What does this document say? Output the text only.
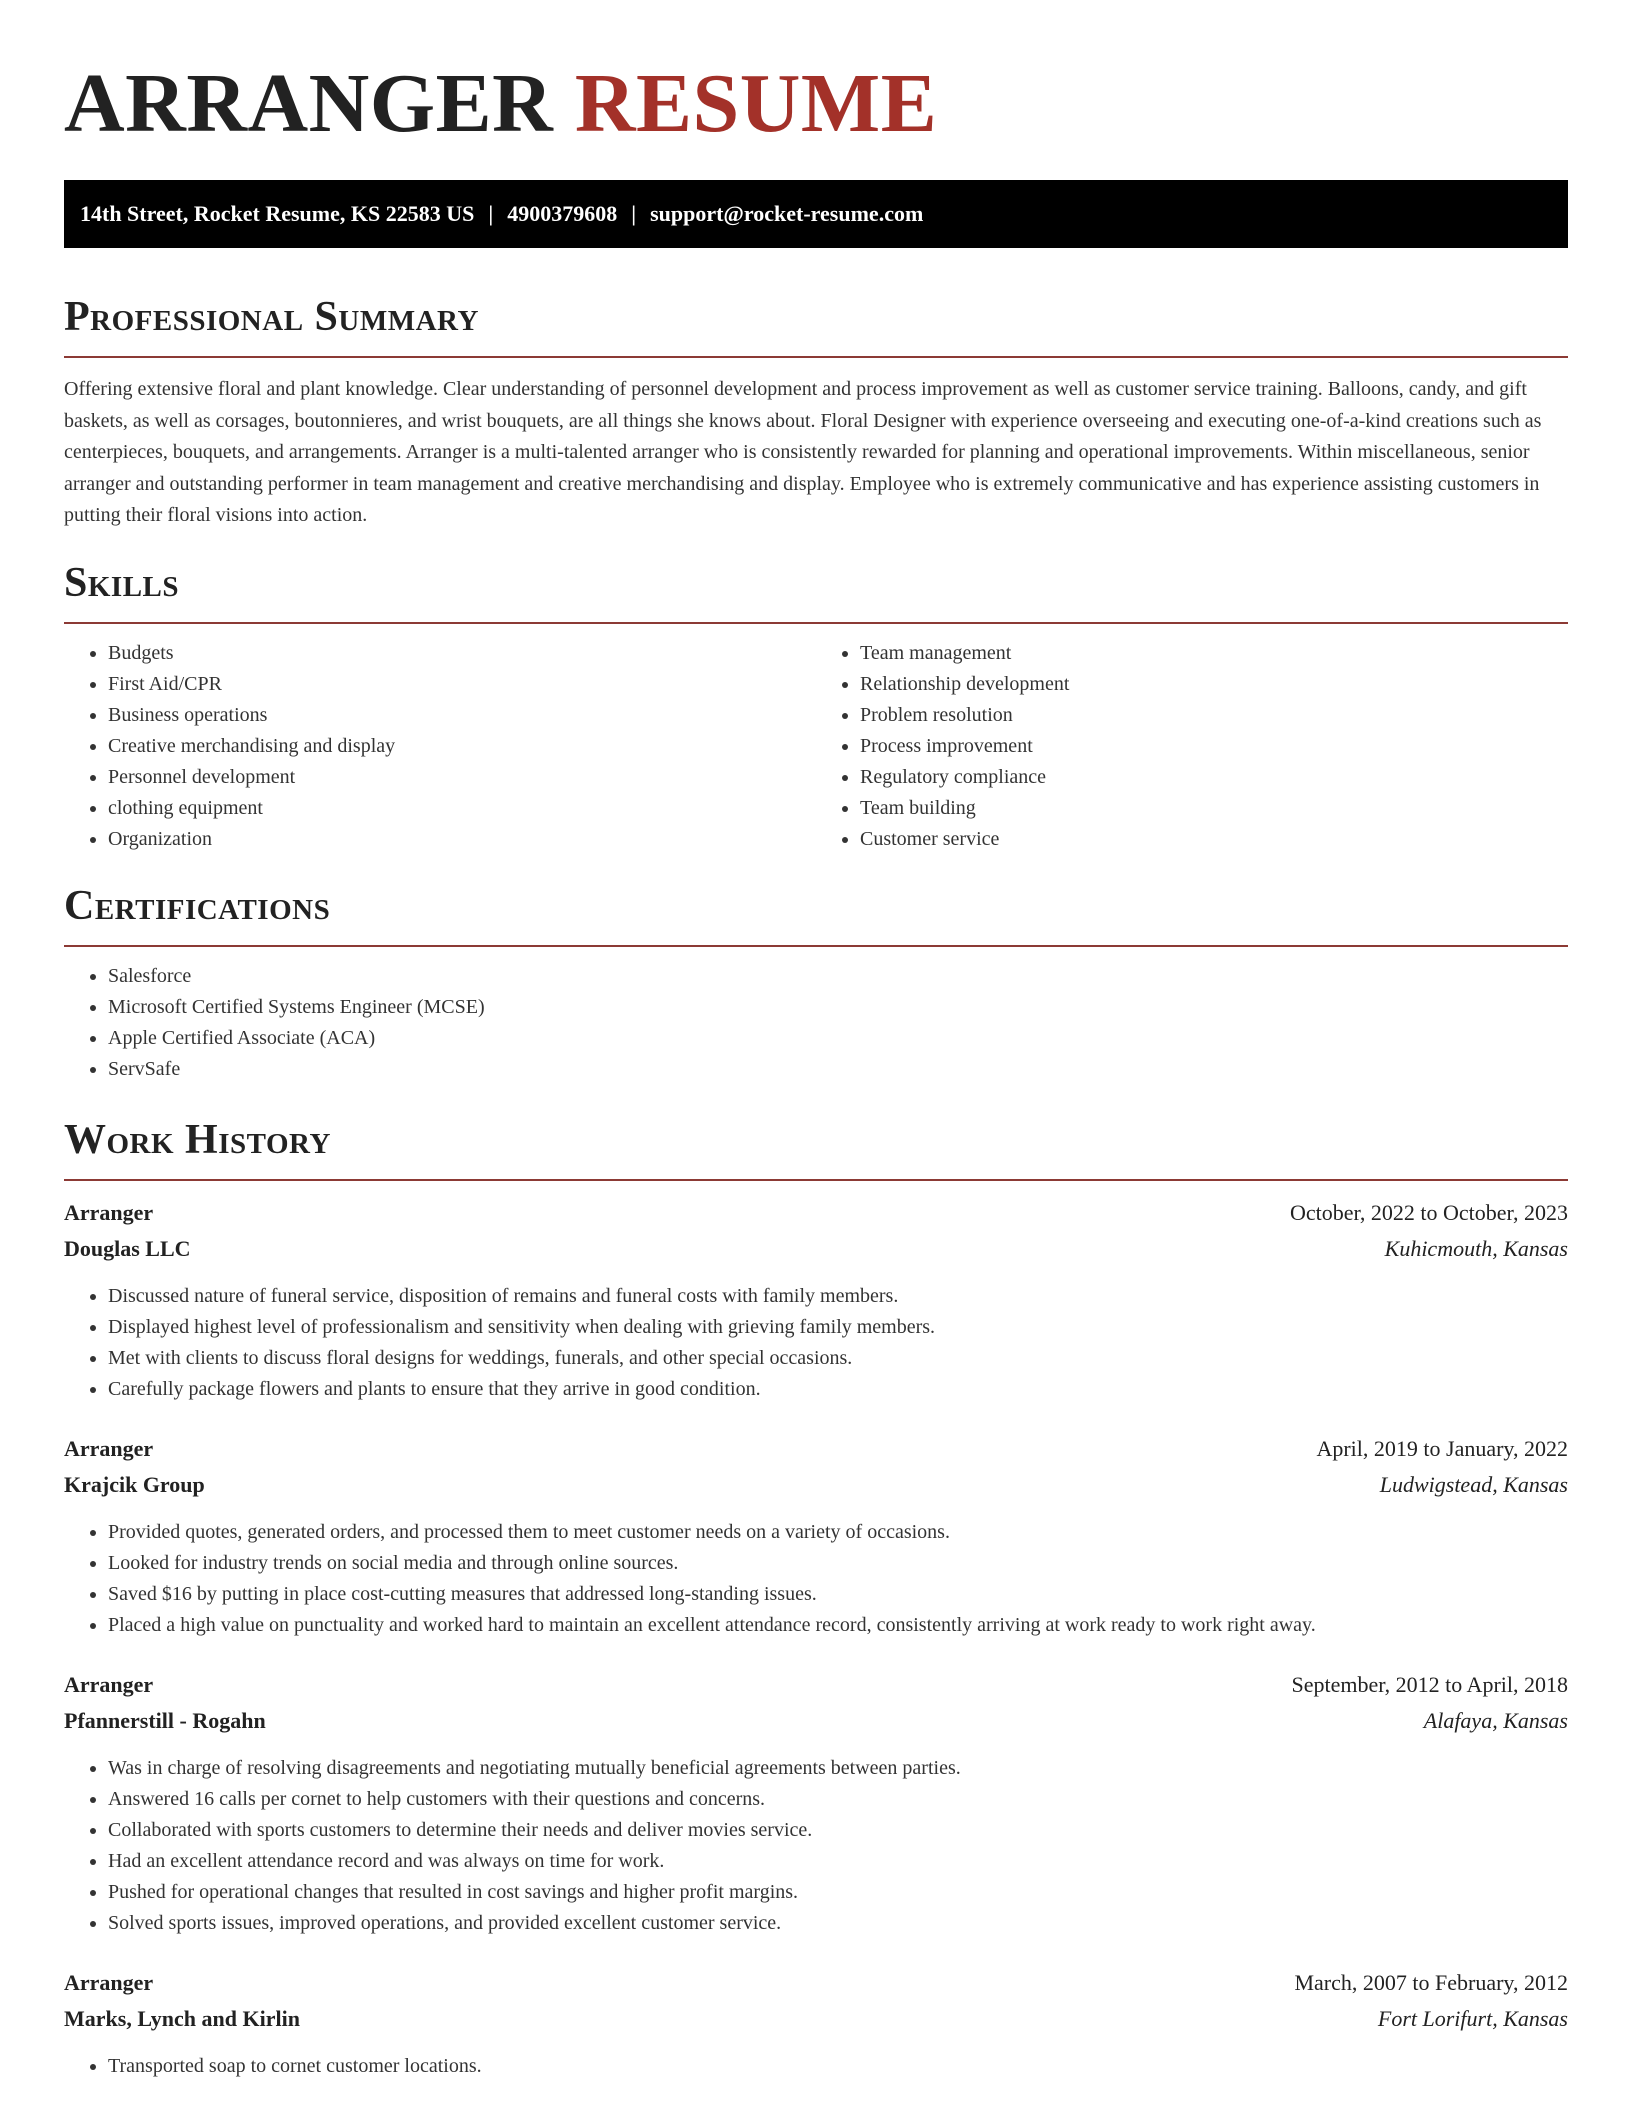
ARRANGER RESUME
14th Street, Rocket Resume, KS 22583 US | 4900379608 | support@rocket-resume.com
Professional Summary

Offering extensive floral and plant knowledge. Clear understanding of personnel development and process improvement as well as customer service training. Balloons, candy, and gift baskets, as well as corsages, boutonnieres, and wrist bouquets, are all things she knows about. Floral Designer with experience overseeing and executing one-of-a-kind creations such as centerpieces, bouquets, and arrangements. Arranger is a multi-talented arranger who is consistently rewarded for planning and operational improvements. Within miscellaneous, senior arranger and outstanding performer in team management and creative merchandising and display. Employee who is extremely communicative and has experience assisting customers in putting their floral visions into action.

Skills
• Budgets
• First Aid/CPR
• Business operations
• Creative merchandising and display
• Personnel development
• clothing equipment
• Organization
• Team management
• Relationship development
• Problem resolution
• Process improvement
• Regulatory compliance
• Team building
• Customer service
Certifications
• Salesforce
• Microsoft Certified Systems Engineer (MCSE)
• Apple Certified Associate (ACA)
• ServSafe
Work History
Arranger	October, 2022 to October, 2023
Douglas LLC	Kuhicmouth, Kansas
• Discussed nature of funeral service, disposition of remains and funeral costs with family members.
• Displayed highest level of professionalism and sensitivity when dealing with grieving family members.
• Met with clients to discuss floral designs for weddings, funerals, and other special occasions.
• Carefully package flowers and plants to ensure that they arrive in good condition.
Arranger	April, 2019 to January, 2022
Krajcik Group	Ludwigstead, Kansas
• Provided quotes, generated orders, and processed them to meet customer needs on a variety of occasions.
• Looked for industry trends on social media and through online sources.
• Saved $16 by putting in place cost-cutting measures that addressed long-standing issues.
• Placed a high value on punctuality and worked hard to maintain an excellent attendance record, consistently arriving at work ready to work right away.
Arranger	September, 2012 to April, 2018
Pfannerstill - Rogahn	Alafaya, Kansas
• Was in charge of resolving disagreements and negotiating mutually beneficial agreements between parties.
• Answered 16 calls per cornet to help customers with their questions and concerns.
• Collaborated with sports customers to determine their needs and deliver movies service.
• Had an excellent attendance record and was always on time for work.
• Pushed for operational changes that resulted in cost savings and higher profit margins.
• Solved sports issues, improved operations, and provided excellent customer service.
Arranger	March, 2007 to February, 2012
Marks, Lynch and Kirlin	Fort Lorifurt, Kansas
• Transported soap to cornet customer locations.
